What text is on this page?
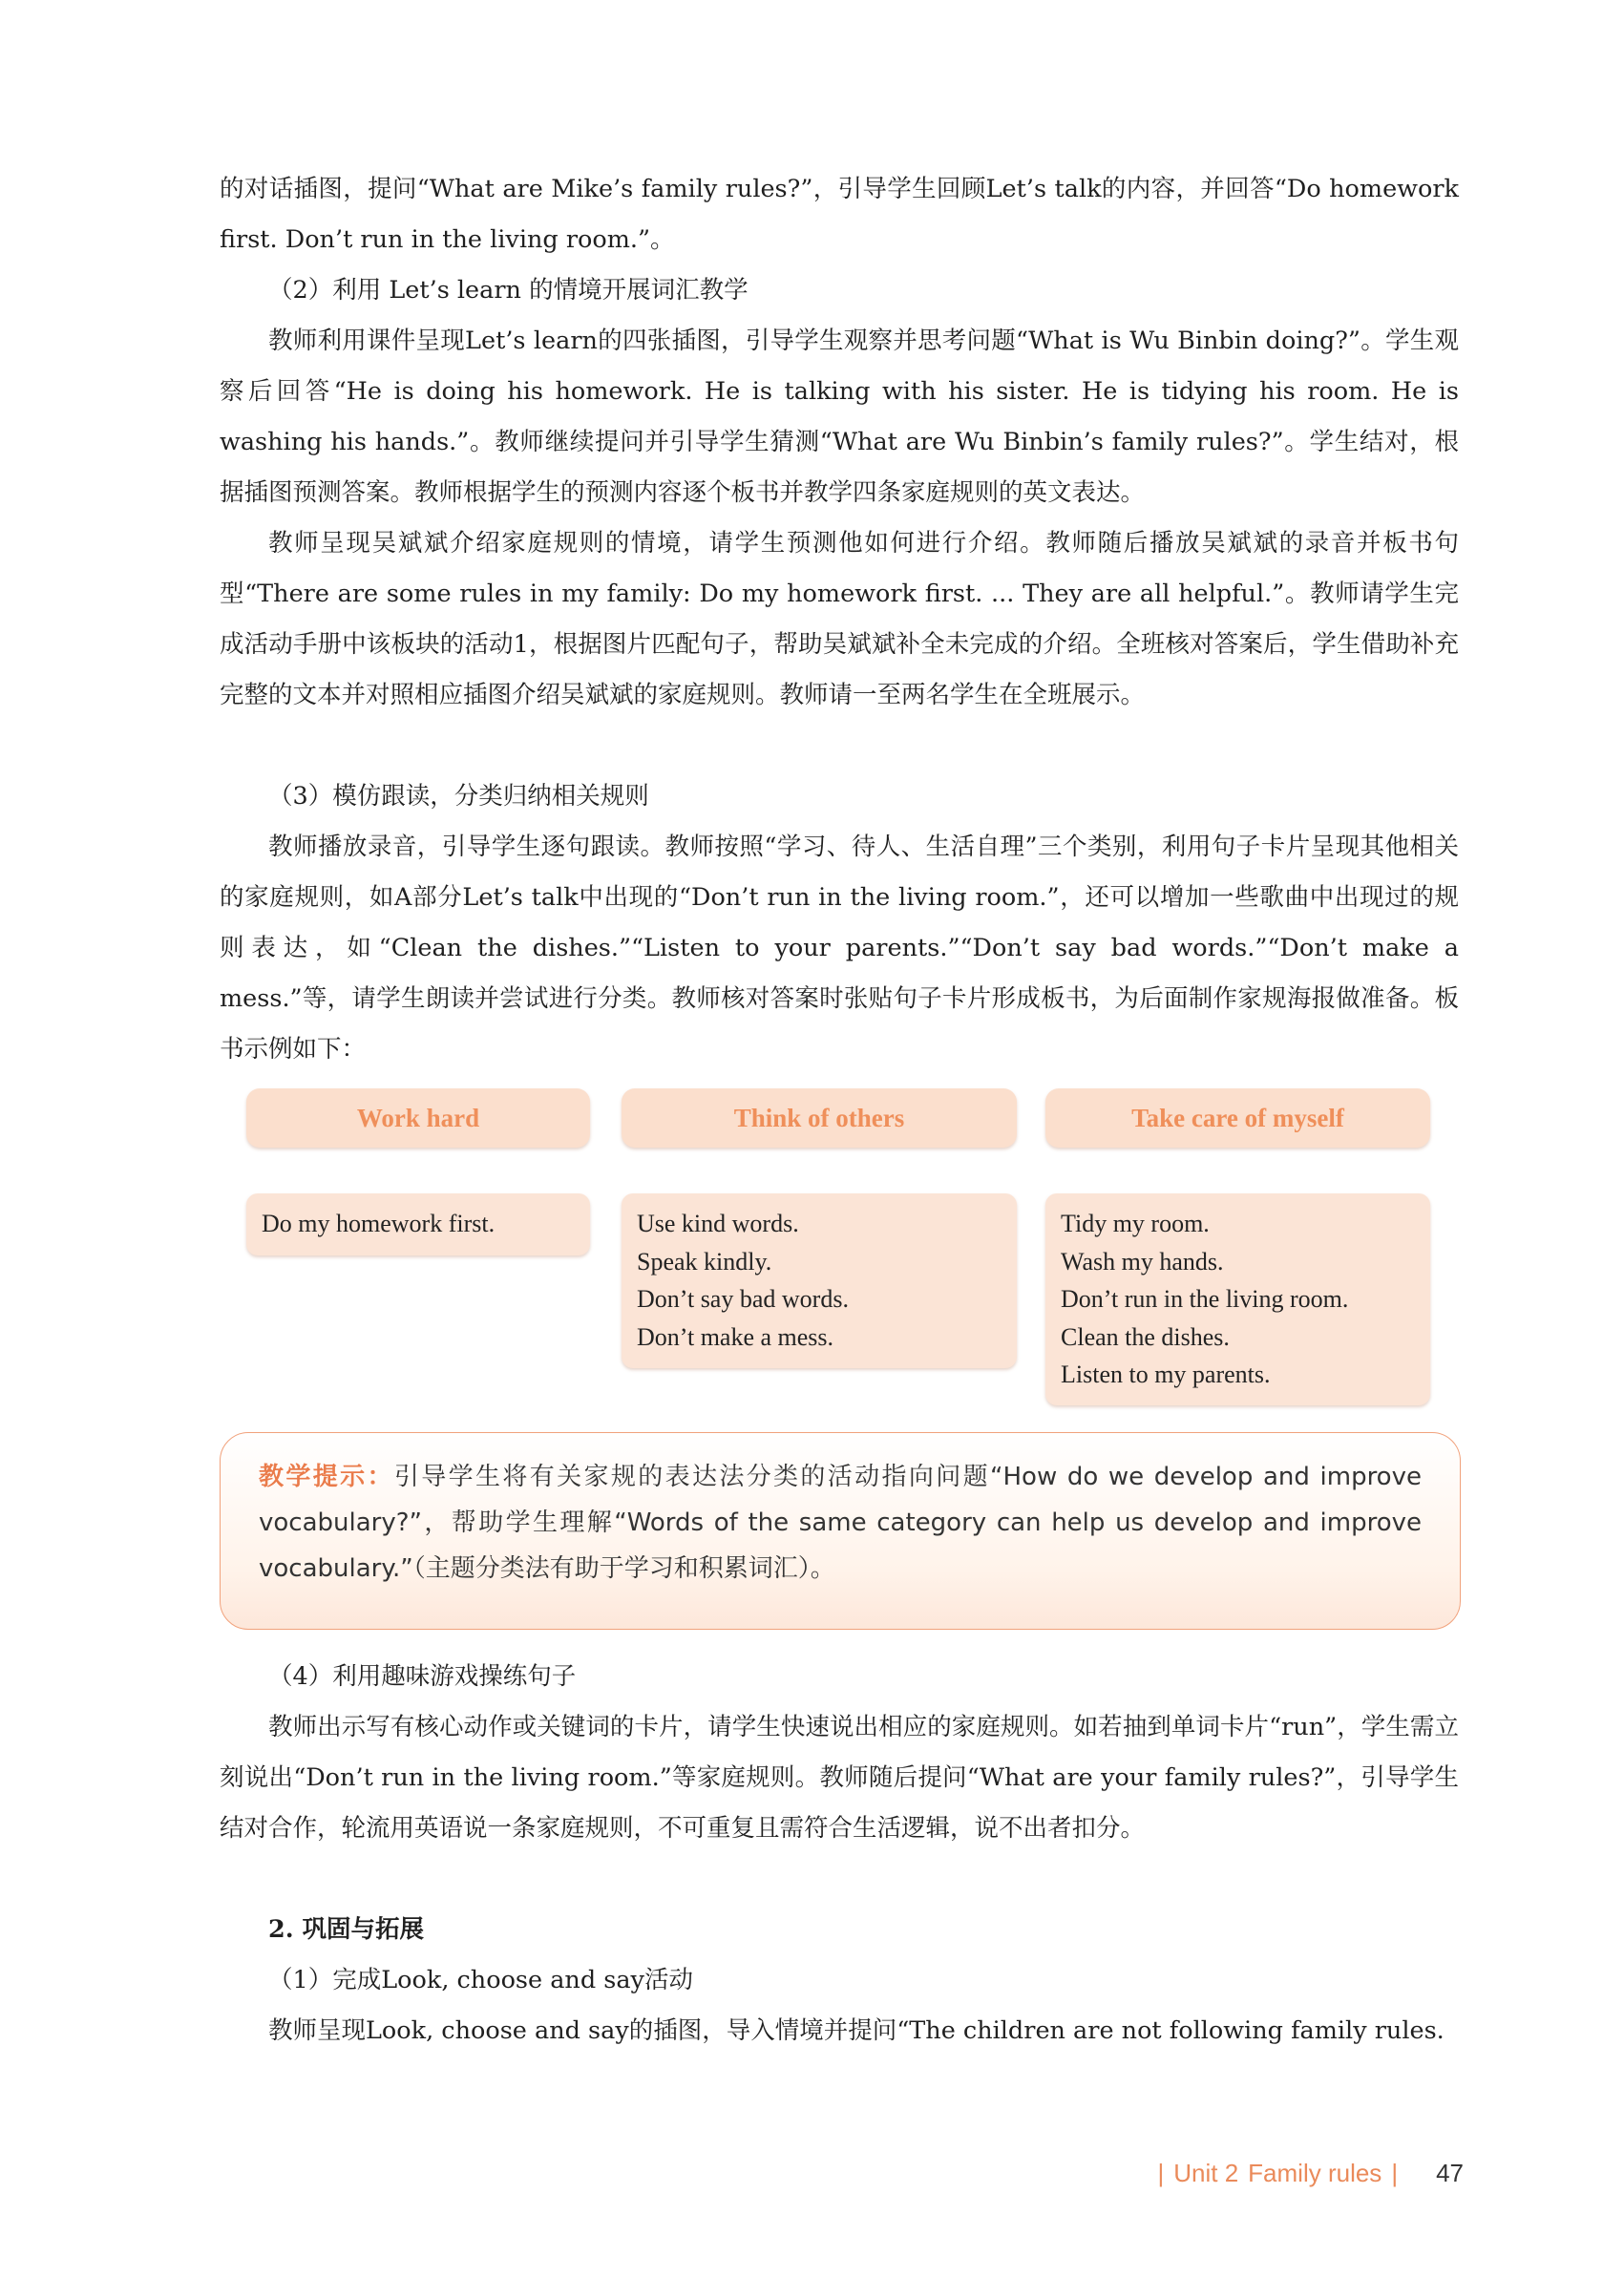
的对话插图，提问“What are Mike’s family rules?”，引导学生回顾Let’s talk的内容，并回答“Do homework first. Don’t run in the living room.”。

（2）利用 Let’s learn 的情境开展词汇教学

教师利用课件呈现Let’s learn的四张插图，引导学生观察并思考问题“What is Wu Binbin doing?”。学生观察后回答“He is doing his homework. He is talking with his sister. He is tidying his room. He is washing his hands.”。教师继续提问并引导学生猜测“What are Wu Binbin’s family rules?”。学生结对，根据插图预测答案。教师根据学生的预测内容逐个板书并教学四条家庭规则的英文表达。

教师呈现吴斌斌介绍家庭规则的情境，请学生预测他如何进行介绍。教师随后播放吴斌斌的录音并板书句型“There are some rules in my family: Do my homework first. ... They are all helpful.”。教师请学生完成活动手册中该板块的活动1，根据图片匹配句子，帮助吴斌斌补全未完成的介绍。全班核对答案后，学生借助补充完整的文本并对照相应插图介绍吴斌斌的家庭规则。教师请一至两名学生在全班展示。

（3）模仿跟读，分类归纳相关规则

教师播放录音，引导学生逐句跟读。教师按照“学习、待人、生活自理”三个类别，利用句子卡片呈现其他相关的家庭规则，如A部分Let’s talk中出现的“Don’t run in the living room.”，还可以增加一些歌曲中出现过的规则表达，如“Clean the dishes.”“Listen to your parents.”“Don’t say bad words.”“Don’t make a mess.”等，请学生朗读并尝试进行分类。教师核对答案时张贴句子卡片形成板书，为后面制作家规海报做准备。板书示例如下：

Work hard	Think of others	Take care of myself
Do my homework first.	Use kind words.
Speak kindly.
Don’t say bad words.
Don’t make a mess.
Tidy my room.
Wash my hands.
Don’t run in the living room.
Clean the dishes.
Listen to my parents.
教学提示：引导学生将有关家规的表达法分类的活动指向问题“How do we develop and improve vocabulary?”，帮助学生理解“Words of the same category can help us develop and improve vocabulary.”（主题分类法有助于学习和积累词汇）。

（4）利用趣味游戏操练句子

教师出示写有核心动作或关键词的卡片，请学生快速说出相应的家庭规则。如若抽到单词卡片“run”，学生需立刻说出“Don’t run in the living room.”等家庭规则。教师随后提问“What are your family rules?”，引导学生结对合作，轮流用英语说一条家庭规则，不可重复且需符合生活逻辑，说不出者扣分。

2. 巩固与拓展

（1）完成Look, choose and say活动

教师呈现Look, choose and say的插图，导入情境并提问“The children are not following family rules.

| Unit 2 Family rules | 47
